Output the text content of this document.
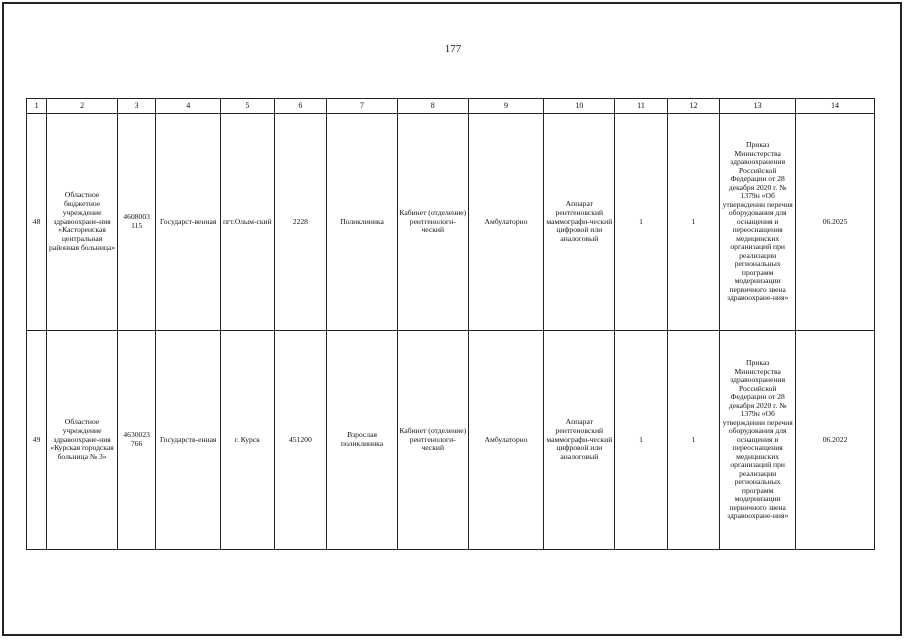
177
1	2	3	4	5	6	7	8	9	10	11	12	13	14
48	Областное бюджетное учреждение здравоохране-ния «Касторенская центральная районная больница»	4608003 115	Государст-венная	пгт.Олым-ский	2228	Поликлиника	Кабинет (отделение) рентгенологи-ческий	Амбулаторно	Аппарат рентгеновский маммографи-ческий цифровой или аналоговый	1	1	Приказ Министерства здравоохранения Российской Федерации от 28 декабря 2020 г. № 1379н «Об утверждении перечня оборудования для оснащения и переоснащения медицинских организаций при реализации региональных программ модернизации первичного звена здравоохране-ния»	06.2025
49	Областное учреждение здравоохране-ния «Курская городская больница № 3»	4630023 766	Государств-енная	г. Курск	451200	Взрослая поликлиника	Кабинет (отделение) рентгенологи-ческий	Амбулаторно	Аппарат рентгеновский маммографи-ческий цифровой или аналоговый	1	1	Приказ Министерства здравоохранения Российской Федерации от 28 декабря 2020 г. № 1379н «Об утверждении перечня оборудования для оснащения и переоснащения медицинских организаций при реализации региональных программ модернизации первичного звена здравоохране-ния»	06.2022
